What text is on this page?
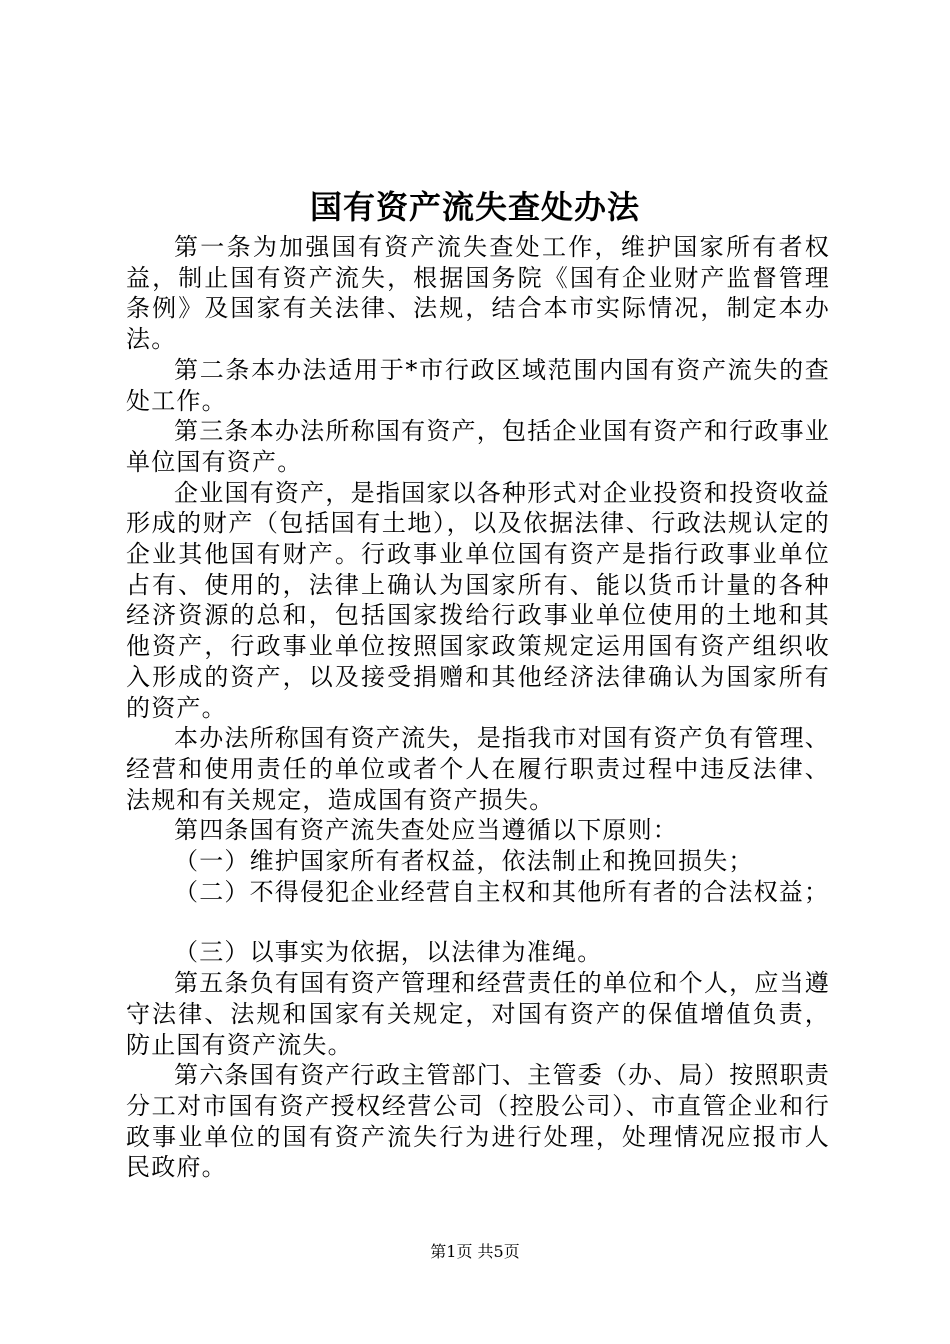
国有资产流失查处办法

第一条为加强国有资产流失查处工作，维护国家所有者权益，制止国有资产流失，根据国务院《国有企业财产监督管理条例》及国家有关法律、法规，结合本市实际情况，制定本办法。

第二条本办法适用于*市行政区域范围内国有资产流失的查处工作。

第三条本办法所称国有资产，包括企业国有资产和行政事业单位国有资产。

企业国有资产，是指国家以各种形式对企业投资和投资收益形成的财产（包括国有土地），以及依据法律、行政法规认定的企业其他国有财产。行政事业单位国有资产是指行政事业单位占有、使用的，法律上确认为国家所有、能以货币计量的各种经济资源的总和，包括国家拨给行政事业单位使用的土地和其他资产，行政事业单位按照国家政策规定运用国有资产组织收入形成的资产，以及接受捐赠和其他经济法律确认为国家所有的资产。

本办法所称国有资产流失，是指我市对国有资产负有管理、经营和使用责任的单位或者个人在履行职责过程中违反法律、法规和有关规定，造成国有资产损失。

第四条国有资产流失查处应当遵循以下原则：

（一）维护国家所有者权益，依法制止和挽回损失；

（二）不得侵犯企业经营自主权和其他所有者的合法权益；

（三）以事实为依据，以法律为准绳。

第五条负有国有资产管理和经营责任的单位和个人，应当遵守法律、法规和国家有关规定，对国有资产的保值增值负责，防止国有资产流失。

第六条国有资产行政主管部门、主管委（办、局）按照职责分工对市国有资产授权经营公司（控股公司）、市直管企业和行政事业单位的国有资产流失行为进行处理，处理情况应报市人民政府。

第1页 共5页
